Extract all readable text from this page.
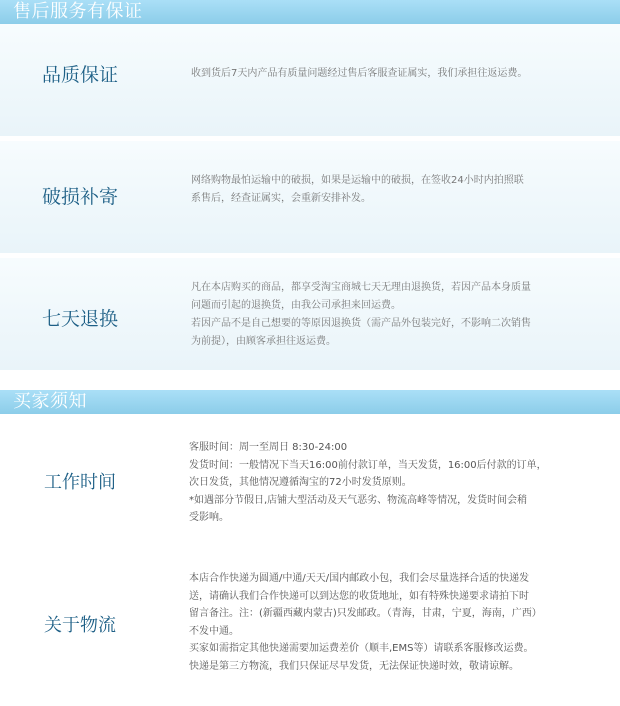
售后服务有保证
品质保证	收到货后7天内产品有质量问题经过售后客服查证属实，我们承担往返运费。
破损补寄
网络购物最怕运输中的破损，如果是运输中的破损，在签收24小时内拍照联
系售后，经查证属实，会重新安排补发。
七天退换
凡在本店购买的商品，都享受淘宝商城七天无理由退换货，若因产品本身质量
问题而引起的退换货，由我公司承担来回运费。
若因产品不是自己想要的等原因退换货（需产品外包装完好，不影响二次销售
为前提），由顾客承担往返运费。
买家须知
工作时间
客服时间：周一至周日 8:30-24:00
发货时间：一般情况下当天16:00前付款订单，当天发货，16:00后付款的订单，
次日发货，其他情况遵循淘宝的72小时发货原则。
*如遇部分节假日,店铺大型活动及天气恶劣、物流高峰等情况，发货时间会稍
受影响。
关于物流
本店合作快递为圆通/中通/天天/国内邮政小包，我们会尽量选择合适的快递发
送，请确认我们合作快递可以到达您的收货地址，如有特殊快递要求请拍下时
留言备注。注：(新疆西藏内蒙古)只发邮政。（青海，甘肃，宁夏，海南，广西）
不发中通。
买家如需指定其他快递需要加运费差价（顺丰,EMS等）请联系客服修改运费。
快递是第三方物流，我们只保证尽早发货，无法保证快递时效，敬请谅解。
